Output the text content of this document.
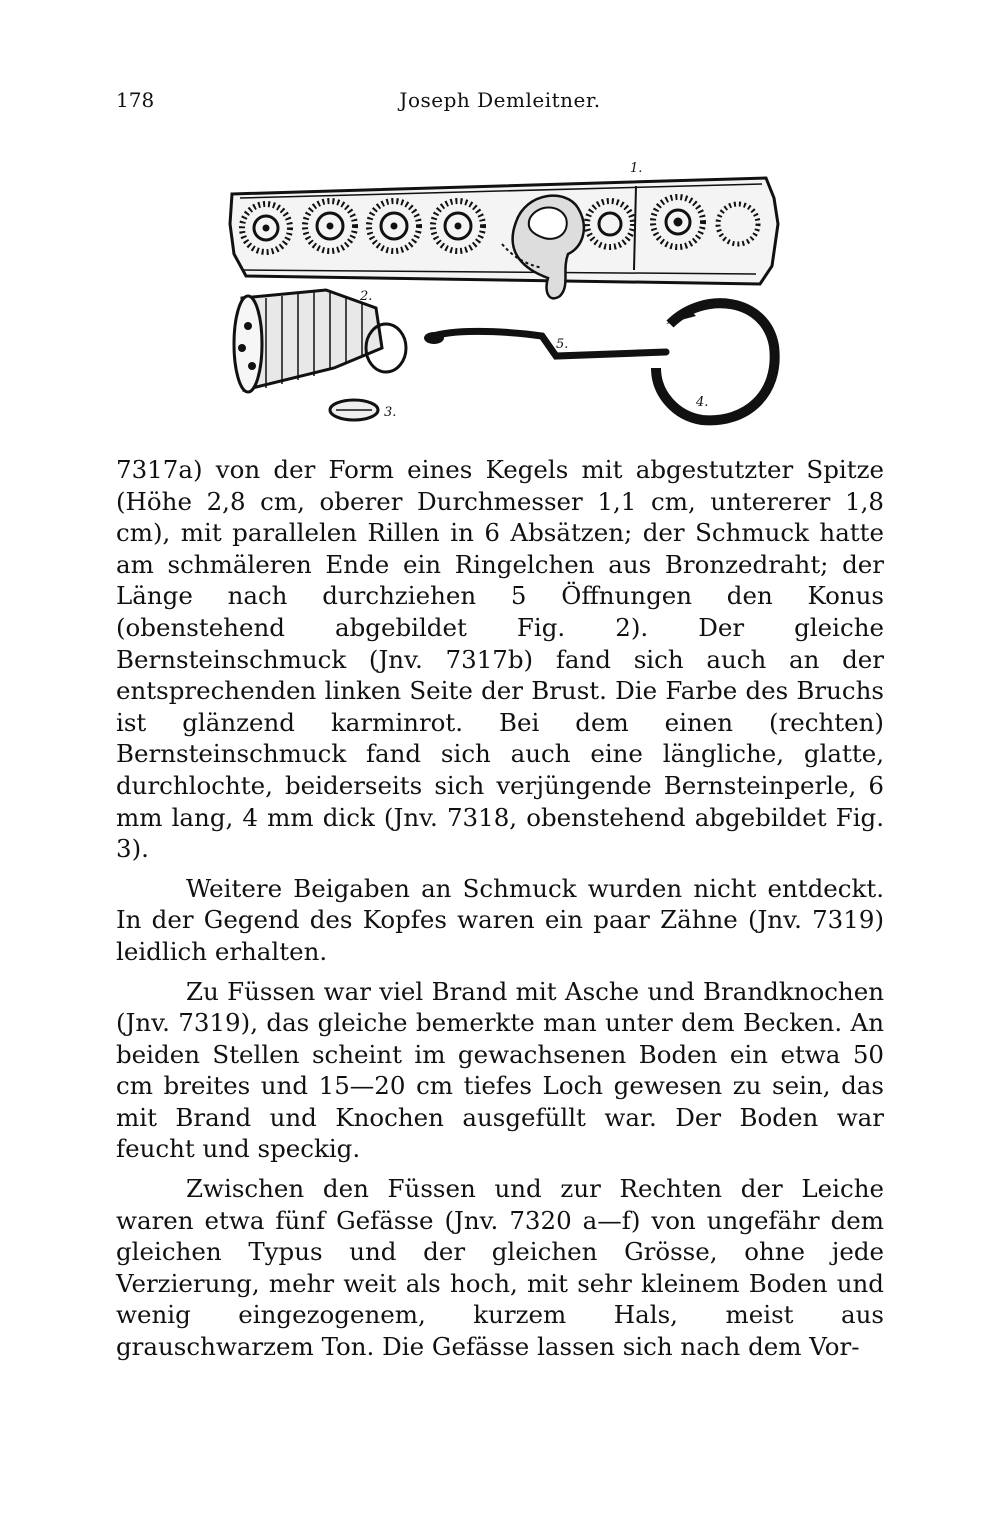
178	Joseph Demleitner.
1.
2.
3.
5.
4.

7317a) von der Form eines Kegels mit abgestutzter Spitze (Höhe 2,8 cm, oberer Durchmesser 1,1 cm, untererer 1,8 cm), mit parallelen Rillen in 6 Absätzen; der Schmuck hatte am schmäleren Ende ein Ringelchen aus Bronzedraht; der Länge nach durchziehen 5 Öffnungen den Konus (obenstehend abgebildet Fig. 2). Der gleiche Bernsteinschmuck (Jnv. 7317b) fand sich auch an der entsprechenden linken Seite der Brust. Die Farbe des Bruchs ist glänzend karminrot. Bei dem einen (rechten) Bernsteinschmuck fand sich auch eine längliche, glatte, durchlochte, beiderseits sich verjüngende Bernsteinperle, 6 mm lang, 4 mm dick (Jnv. 7318, obenstehend abgebildet Fig. 3).

Weitere Beigaben an Schmuck wurden nicht entdeckt. In der Gegend des Kopfes waren ein paar Zähne (Jnv. 7319) leidlich erhalten.

Zu Füssen war viel Brand mit Asche und Brandknochen (Jnv. 7319), das gleiche bemerkte man unter dem Becken. An beiden Stellen scheint im gewachsenen Boden ein etwa 50 cm breites und 15—20 cm tiefes Loch gewesen zu sein, das mit Brand und Knochen ausgefüllt war. Der Boden war feucht und speckig.

Zwischen den Füssen und zur Rechten der Leiche waren etwa fünf Gefässe (Jnv. 7320 a—f) von ungefähr dem gleichen Typus und der gleichen Grösse, ohne jede Verzierung, mehr weit als hoch, mit sehr kleinem Boden und wenig eingezogenem, kurzem Hals, meist aus grauschwarzem Ton. Die Gefässe lassen sich nach dem Vor-
